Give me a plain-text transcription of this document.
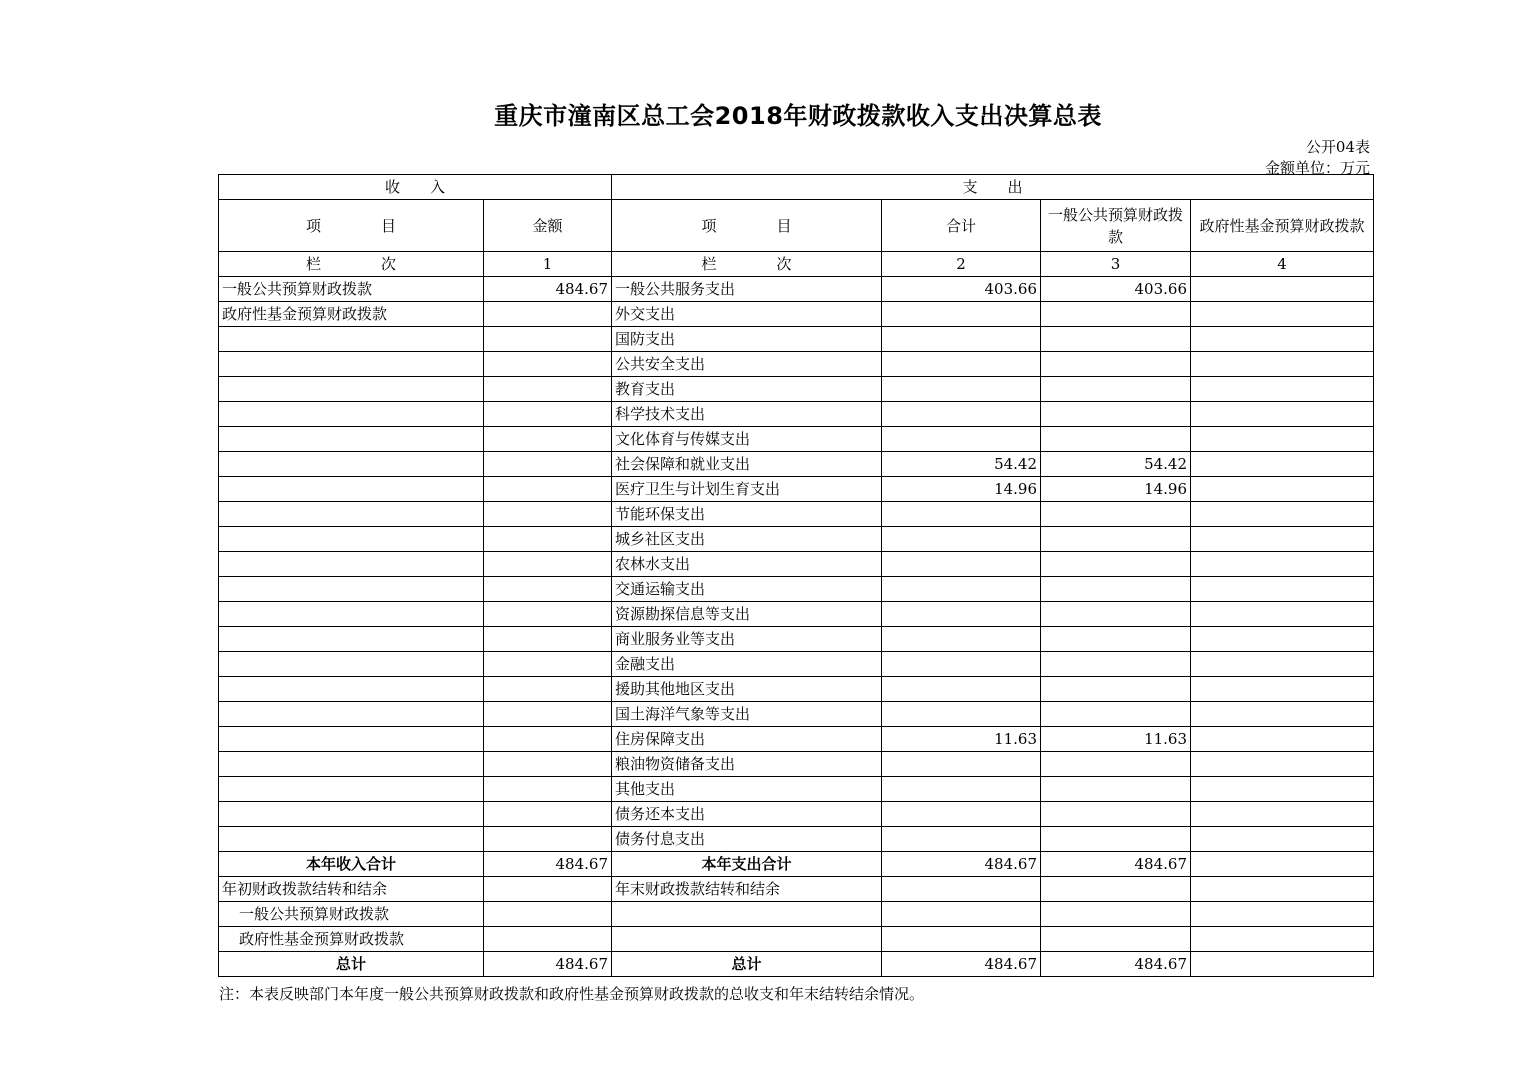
重庆市潼南区总工会2018年财政拨款收入支出决算总表
公开04表
金额单位：万元
收　　入		支　　出			
项　　　　目	金额	项　　　　目	合计	一般公共预算财政拨款	政府性基金预算财政拨款
栏　　　　次	1	栏　　　　次	2	3	4
一般公共预算财政拨款	484.67	一般公共服务支出	403.66	403.66	
政府性基金预算财政拨款		外交支出			
		国防支出			
		公共安全支出			
		教育支出			
		科学技术支出			
		文化体育与传媒支出			
		社会保障和就业支出	54.42	54.42	
		医疗卫生与计划生育支出	14.96	14.96	
		节能环保支出			
		城乡社区支出			
		农林水支出			
		交通运输支出			
		资源勘探信息等支出			
		商业服务业等支出			
		金融支出			
		援助其他地区支出			
		国土海洋气象等支出			
		住房保障支出	11.63	11.63	
		粮油物资储备支出			
		其他支出			
		债务还本支出			
		债务付息支出			
本年收入合计	484.67	本年支出合计	484.67	484.67	
年初财政拨款结转和结余		年末财政拨款结转和结余			
一般公共预算财政拨款					
政府性基金预算财政拨款					
总计	484.67	总计	484.67	484.67	
注：本表反映部门本年度一般公共预算财政拨款和政府性基金预算财政拨款的总收支和年末结转结余情况。
